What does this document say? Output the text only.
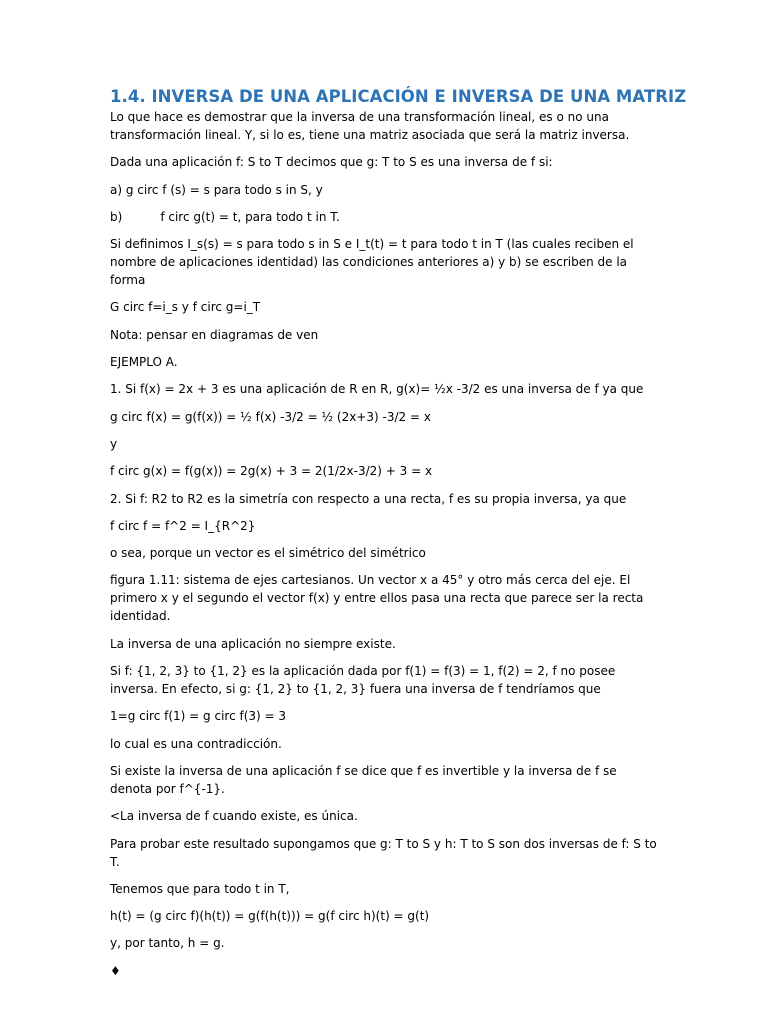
1.4. INVERSA DE UNA APLICACIÓN E INVERSA DE UNA MATRIZ

Lo que hace es demostrar que la inversa de una transformación lineal, es o no una transformación lineal. Y, si lo es, tiene una matriz asociada que será la matriz inversa.

Dada una aplicación f: S to T decimos que g: T to S es una inversa de f si:

a) g circ f (s) = s para todo s in S, y

b)	f circ g(t) = t, para todo t in T.

Si definimos I_s(s) = s para todo s in S e I_t(t) = t para todo t in T (las cuales reciben el nombre de aplicaciones identidad) las condiciones anteriores a) y b) se escriben de la forma

G circ f=i_s y f circ g=i_T

Nota: pensar en diagramas de ven

EJEMPLO A.

1. Si f(x) = 2x + 3 es una aplicación de R en R, g(x)= ½x -3/2 es una inversa de f ya que

g circ f(x) = g(f(x)) = ½ f(x) -3/2 = ½ (2x+3) -3/2 = x

y

f circ g(x) = f(g(x)) = 2g(x) + 3 = 2(1/2x-3/2) + 3 = x

2. Si f: R2 to R2 es la simetría con respecto a una recta, f es su propia inversa, ya que

f circ f = f^2 = I_{R^2}

o sea, porque un vector es el simétrico del simétrico

figura 1.11: sistema de ejes cartesianos. Un vector x a 45° y otro más cerca del eje. El primero x y el segundo el vector f(x) y entre ellos pasa una recta que parece ser la recta identidad.

La inversa de una aplicación no siempre existe.

Si f: {1, 2, 3} to {1, 2} es la aplicación dada por f(1) = f(3) = 1, f(2) = 2, f no posee inversa. En efecto, si g: {1, 2} to {1, 2, 3} fuera una inversa de f tendríamos que

1=g circ f(1) = g circ f(3) = 3

lo cual es una contradicción.

Si existe la inversa de una aplicación f se dice que f es invertible y la inversa de f se denota por f^{-1}.

<La inversa de f cuando existe, es única.

Para probar este resultado supongamos que g: T to S y h: T to S son dos inversas de f: S to T.

Tenemos que para todo t in T,

h(t) = (g circ f)(h(t)) = g(f(h(t))) = g(f circ h)(t) = g(t)

y, por tanto, h = g.

♦
